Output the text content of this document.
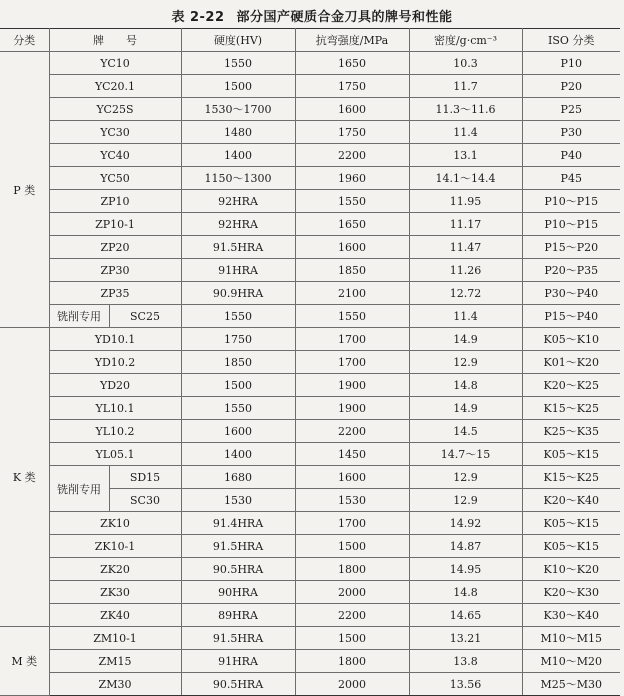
表 2-22 部分国产硬质合金刀具的牌号和性能
分类	牌　　号		硬度(HV)	抗弯强度/MPa	密度/g·cm⁻³	ISO 分类
P 类	YC10		1550	1650	10.3	P10
	YC20.1		1500	1750	11.7	P20
	YC25S		1530～1700	1600	11.3～11.6	P25
	YC30		1480	1750	11.4	P30
	YC40		1400	2200	13.1	P40
	YC50		1150～1300	1960	14.1～14.4	P45
	ZP10		92HRA	1550	11.95	P10～P15
	ZP10-1		92HRA	1650	11.17	P10～P15
	ZP20		91.5HRA	1600	11.47	P15～P20
	ZP30		91HRA	1850	11.26	P20～P35
	ZP35		90.9HRA	2100	12.72	P30～P40
	铣削专用	SC25	1550	1550	11.4	P15～P40
K 类	YD10.1		1750	1700	14.9	K05～K10
	YD10.2		1850	1700	12.9	K01～K20
	YD20		1500	1900	14.8	K20～K25
	YL10.1		1550	1900	14.9	K15～K25
	YL10.2		1600	2200	14.5	K25～K35
	YL05.1		1400	1450	14.7～15	K05～K15
	铣削专用	SD15	1680	1600	12.9	K15～K25
		SC30	1530	1530	12.9	K20～K40
	ZK10		91.4HRA	1700	14.92	K05～K15
	ZK10-1		91.5HRA	1500	14.87	K05～K15
	ZK20		90.5HRA	1800	14.95	K10～K20
	ZK30		90HRA	2000	14.8	K20～K30
	ZK40		89HRA	2200	14.65	K30～K40
M 类	ZM10-1		91.5HRA	1500	13.21	M10～M15
	ZM15		91HRA	1800	13.8	M10～M20
	ZM30		90.5HRA	2000	13.56	M25～M30
